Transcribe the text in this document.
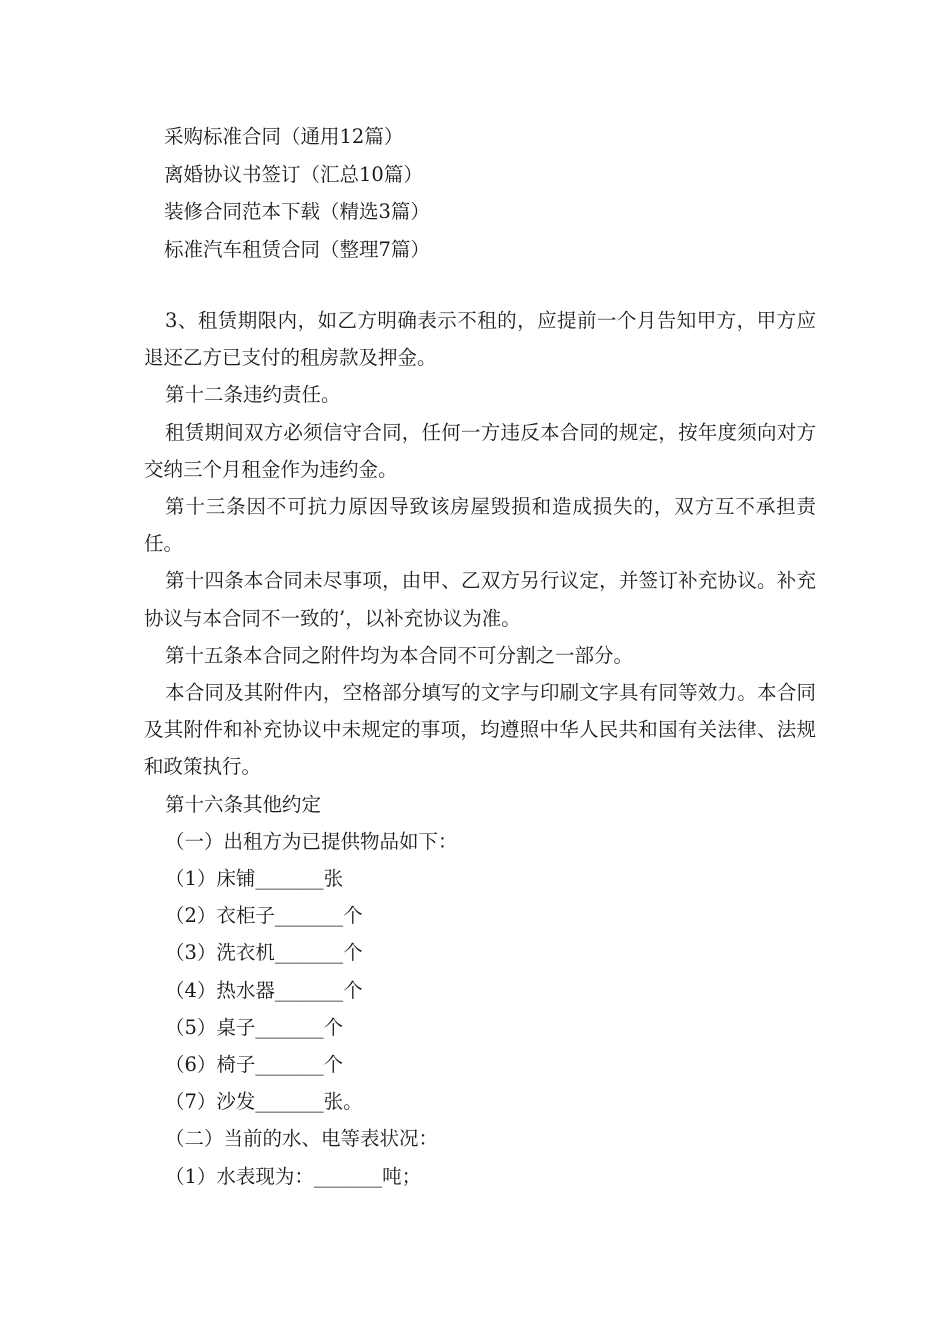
采购标准合同（通用12篇）
离婚协议书签订（汇总10篇）
装修合同范本下载（精选3篇）
标准汽车租赁合同（整理7篇）

3、租赁期限内，如乙方明确表示不租的，应提前一个月告知甲方，甲方应退还乙方已支付的租房款及押金。

第十二条违约责任。

租赁期间双方必须信守合同，任何一方违反本合同的规定，按年度须向对方交纳三个月租金作为违约金。

第十三条因不可抗力原因导致该房屋毁损和造成损失的，双方互不承担责任。

第十四条本合同未尽事项，由甲、乙双方另行议定，并签订补充协议。补充协议与本合同不一致的’，以补充协议为准。

第十五条本合同之附件均为本合同不可分割之一部分。

本合同及其附件内，空格部分填写的文字与印刷文字具有同等效力。本合同及其附件和补充协议中未规定的事项，均遵照中华人民共和国有关法律、法规和政策执行。

第十六条其他约定

（一）出租方为已提供物品如下：

（1）床铺_______张

（2）衣柜子_______个

（3）洗衣机_______个

（4）热水器_______个

（5）桌子_______个

（6）椅子_______个

（7）沙发_______张。

（二）当前的水、电等表状况：

（1）水表现为：_______吨；
